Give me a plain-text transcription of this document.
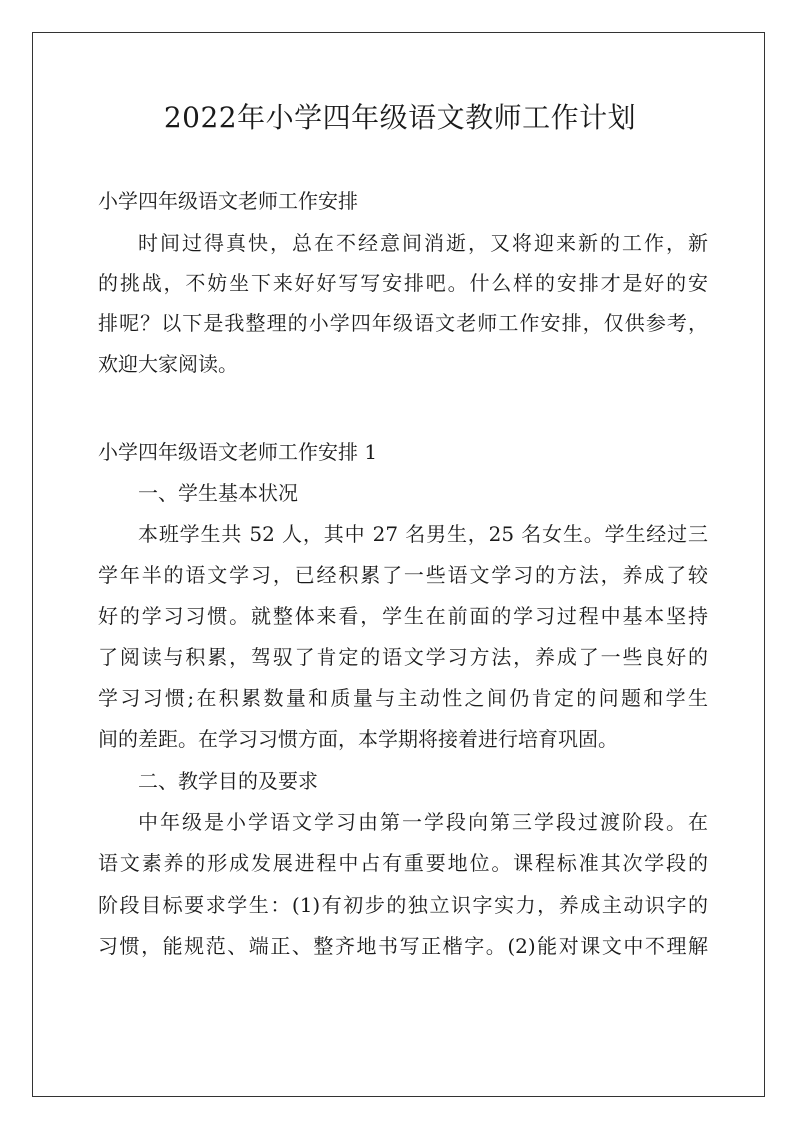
2022年小学四年级语文教师工作计划
小学四年级语文老师工作安排
时间过得真快，总在不经意间消逝，又将迎来新的工作，新
的挑战，不妨坐下来好好写写安排吧。什么样的安排才是好的安
排呢？以下是我整理的小学四年级语文老师工作安排，仅供参考，
欢迎大家阅读。
小学四年级语文老师工作安排 1
一、学生基本状况
本班学生共 52 人，其中 27 名男生，25 名女生。学生经过三
学年半的语文学习，已经积累了一些语文学习的方法，养成了较
好的学习习惯。就整体来看，学生在前面的学习过程中基本坚持
了阅读与积累，驾驭了肯定的语文学习方法，养成了一些良好的
学习习惯;在积累数量和质量与主动性之间仍肯定的问题和学生
间的差距。在学习习惯方面，本学期将接着进行培育巩固。
二、教学目的及要求
中年级是小学语文学习由第一学段向第三学段过渡阶段。在
语文素养的形成发展进程中占有重要地位。课程标准其次学段的
阶段目标要求学生：(1)有初步的独立识字实力，养成主动识字的
习惯，能规范、端正、整齐地书写正楷字。(2)能对课文中不理解
